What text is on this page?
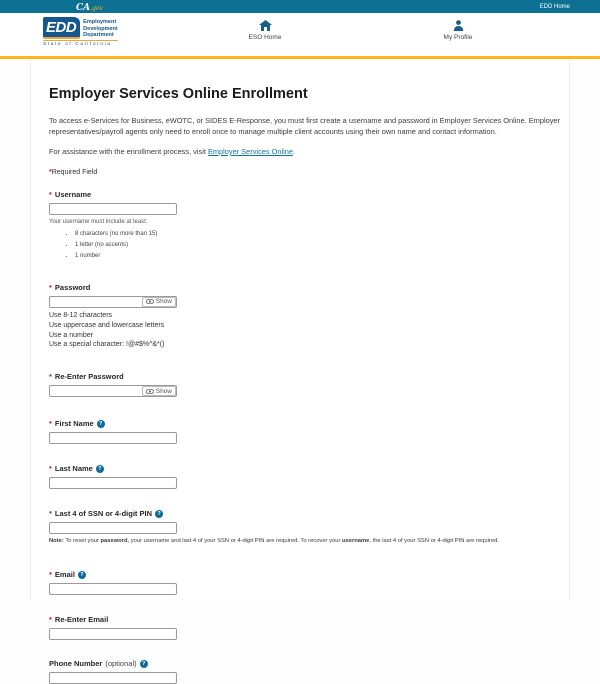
CA.gov	EDD Home
EDD	Employment
Development
Department
State of California
ESO Home	My Profile
Employer Services Online Enrollment

To access e-Services for Business, eWOTC, or SIDES E-Response, you must first create a username and password in Employer Services Online. Employer representatives/payroll agents only need to enroll once to manage multiple client accounts using their own name and contact information.

For assistance with the enrollment process, visit Employer Services Online.

*Required Field
* Username
Your username must include at least:
• 8 characters (no more than 15)
• 1 letter (no accents)
• 1 number
* Password
Show
Use 8-12 characters
Use uppercase and lowercase letters
Use a number
Use a special character: !@#$%^&*()
* Re-Enter Password
Show
* First Name ?
* Last Name ?
* Last 4 of SSN or 4-digit PIN ?
Note: To reset your password, your username and last 4 of your SSN or 4-digit PIN are required. To recover your username, the last 4 of your SSN or 4-digit PIN are required.
* Email ?
* Re-Enter Email
Phone Number (optional) ?
